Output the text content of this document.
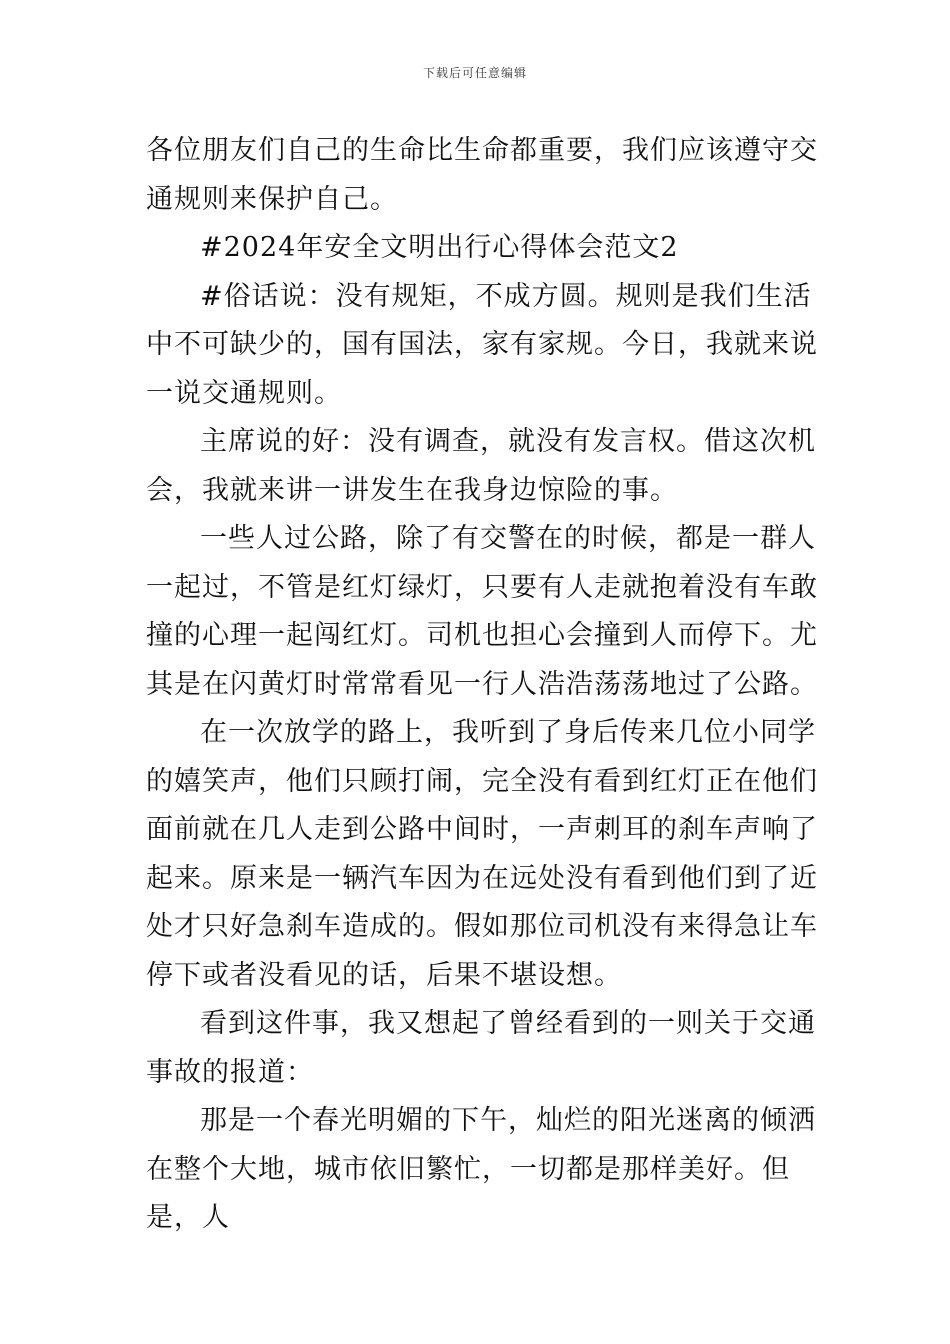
下载后可任意编辑

各位朋友们自己的生命比生命都重要，我们应该遵守交通规则来保护自己。

#2024年安全文明出行心得体会范文2

#俗话说：没有规矩，不成方圆。规则是我们生活中不可缺少的，国有国法，家有家规。今日，我就来说一说交通规则。

主席说的好：没有调查，就没有发言权。借这次机会，我就来讲一讲发生在我身边惊险的事。

一些人过公路，除了有交警在的时候，都是一群人一起过，不管是红灯绿灯，只要有人走就抱着没有车敢撞的心理一起闯红灯。司机也担心会撞到人而停下。尤其是在闪黄灯时常常看见一行人浩浩荡荡地过了公路。

在一次放学的路上，我听到了身后传来几位小同学的嬉笑声，他们只顾打闹，完全没有看到红灯正在他们面前就在几人走到公路中间时，一声刺耳的刹车声响了起来。原来是一辆汽车因为在远处没有看到他们到了近处才只好急刹车造成的。假如那位司机没有来得急让车停下或者没看见的话，后果不堪设想。

看到这件事，我又想起了曾经看到的一则关于交通事故的报道：

那是一个春光明媚的下午，灿烂的阳光迷离的倾洒在整个大地，城市依旧繁忙，一切都是那样美好。但是，人
